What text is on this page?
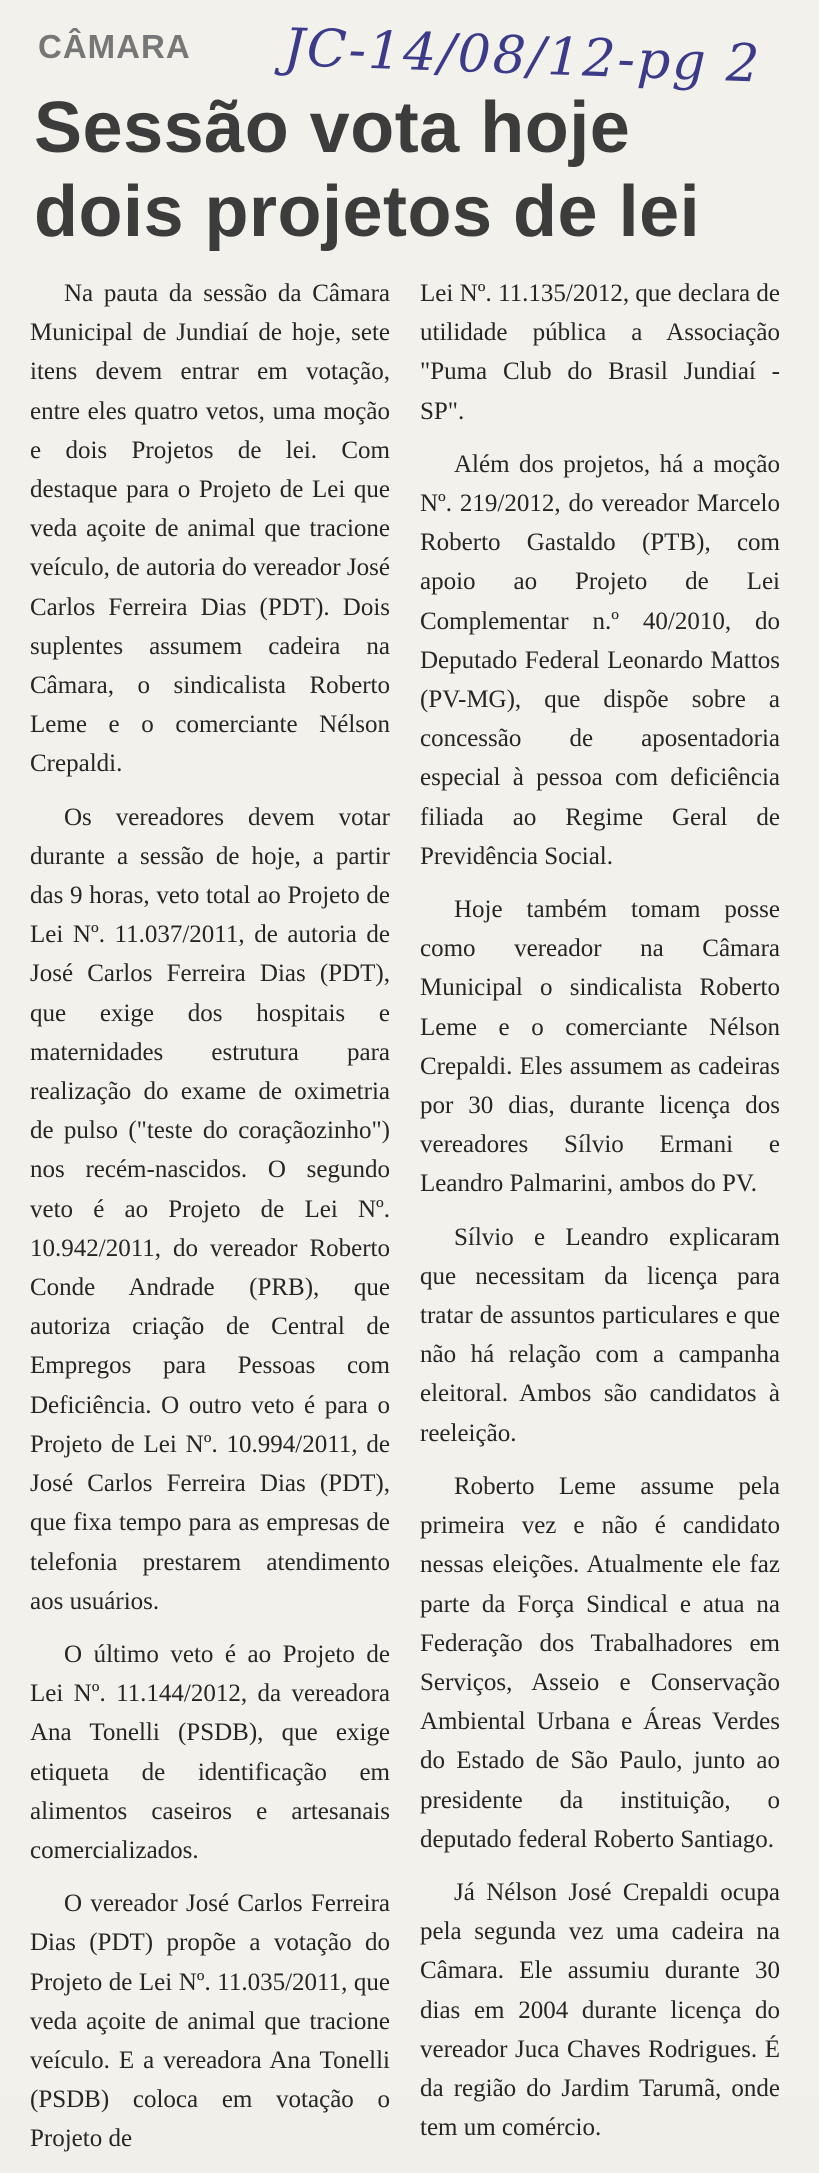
CÂMARA JC-14/08/12-pg 2
Sessão vota hoje
dois projetos de lei

Na pauta da sessão da Câmara Municipal de Jundiaí de hoje, sete itens devem entrar em votação, entre eles quatro vetos, uma moção e dois Projetos de lei. Com destaque para o Projeto de Lei que veda açoite de animal que tracione veículo, de autoria do vereador José Carlos Ferreira Dias (PDT). Dois suplentes assumem cadeira na Câmara, o sindicalista Roberto Leme e o comerciante Nélson Crepaldi.

Os vereadores devem votar durante a sessão de hoje, a partir das 9 horas, veto total ao Projeto de Lei Nº. 11.037/2011, de autoria de José Carlos Ferreira Dias (PDT), que exige dos hospitais e maternidades estrutura para realização do exame de oximetria de pulso ("teste do coraçãozinho") nos recém-nascidos. O segundo veto é ao Projeto de Lei Nº. 10.942/2011, do vereador Roberto Conde Andrade (PRB), que autoriza criação de Central de Empregos para Pessoas com Deficiência. O outro veto é para o Projeto de Lei Nº. 10.994/2011, de José Carlos Ferreira Dias (PDT), que fixa tempo para as empresas de telefonia prestarem atendimento aos usuários.

O último veto é ao Projeto de Lei Nº. 11.144/2012, da vereadora Ana Tonelli (PSDB), que exige etiqueta de identificação em alimentos caseiros e artesanais comercializados.

O vereador José Carlos Ferreira Dias (PDT) propõe a votação do Projeto de Lei Nº. 11.035/2011, que veda açoite de animal que tracione veículo. E a vereadora Ana Tonelli (PSDB) coloca em votação o Projeto de

Lei Nº. 11.135/2012, que declara de utilidade pública a Associação "Puma Club do Brasil Jundiaí - SP".

Além dos projetos, há a moção Nº. 219/2012, do vereador Marcelo Roberto Gastaldo (PTB), com apoio ao Projeto de Lei Complementar n.º 40/2010, do Deputado Federal Leonardo Mattos (PV-MG), que dispõe sobre a concessão de aposentadoria especial à pessoa com deficiência filiada ao Regime Geral de Previdência Social.

Hoje também tomam posse como vereador na Câmara Municipal o sindicalista Roberto Leme e o comerciante Nélson Crepaldi. Eles assumem as cadeiras por 30 dias, durante licença dos vereadores Sílvio Ermani e Leandro Palmarini, ambos do PV.

Sílvio e Leandro explicaram que necessitam da licença para tratar de assuntos particulares e que não há relação com a campanha eleitoral. Ambos são candidatos à reeleição.

Roberto Leme assume pela primeira vez e não é candidato nessas eleições. Atualmente ele faz parte da Força Sindical e atua na Federação dos Trabalhadores em Serviços, Asseio e Conservação Ambiental Urbana e Áreas Verdes do Estado de São Paulo, junto ao presidente da instituição, o deputado federal Roberto Santiago.

Já Nélson José Crepaldi ocupa pela segunda vez uma cadeira na Câmara. Ele assumiu durante 30 dias em 2004 durante licença do vereador Juca Chaves Rodrigues. É da região do Jardim Tarumã, onde tem um comércio.
